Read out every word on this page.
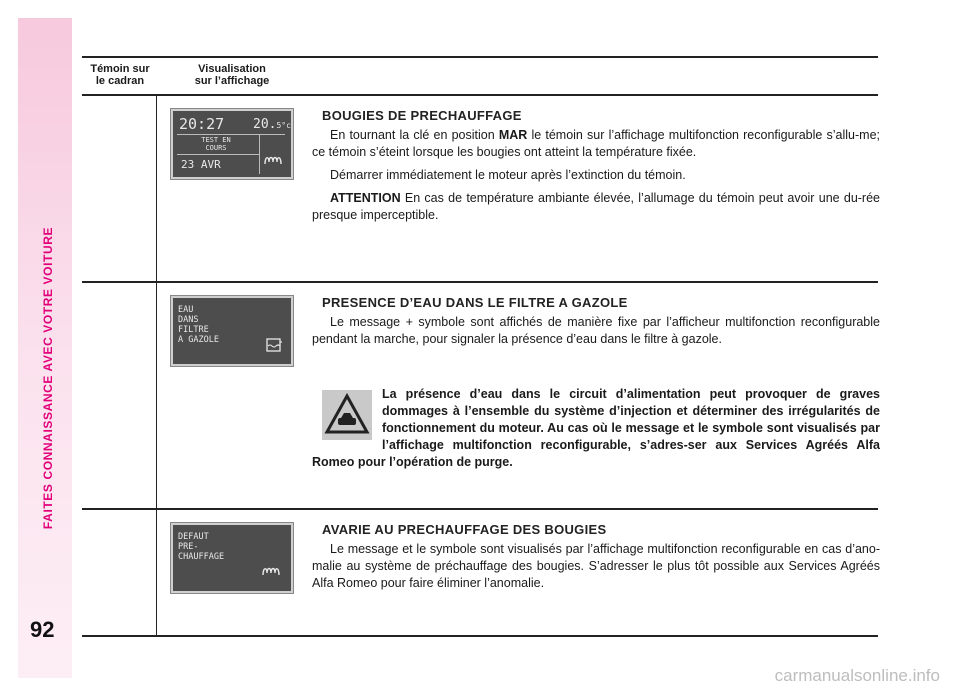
FAITES CONNAISSANCE AVEC VOTRE VOITURE
92
Témoin sur
le cadran
Visualisation
sur l’affichage
20:27 20.5°c
TEST EN
COURS
23 AVR
EAU
DANS
FILTRE
A GAZOLE
DEFAUT
PRE-
CHAUFFAGE
BOUGIES DE PRECHAUFFAGE

En tournant la clé en position MAR le témoin sur l’affichage multifonction reconfigurable s’allu-me; ce témoin s’éteint lorsque les bougies ont atteint la température fixée.

Démarrer immédiatement le moteur après l’extinction du témoin.

ATTENTION En cas de température ambiante élevée, l’allumage du témoin peut avoir une du-rée presque imperceptible.

PRESENCE D’EAU DANS LE FILTRE A GAZOLE

Le message + symbole sont affichés de manière fixe par l’afficheur multifonction reconfigurable pendant la marche, pour signaler la présence d’eau dans le filtre à gazole.

La présence d’eau dans le circuit d’alimentation peut provoquer de graves dommages à l’ensemble du système d’injection et déterminer des irrégularités de fonctionnement du moteur. Au cas où le message et le symbole sont visualisés par l’affichage multifonction reconfigurable, s’adres-ser aux Services Agréés Alfa Romeo pour l’opération de purge.
AVARIE AU PRECHAUFFAGE DES BOUGIES

Le message et le symbole sont visualisés par l’affichage multifonction reconfigurable en cas d’ano-malie au système de préchauffage des bougies. S’adresser le plus tôt possible aux Services Agréés Alfa Romeo pour faire éliminer l’anomalie.

carmanualsonline.info
